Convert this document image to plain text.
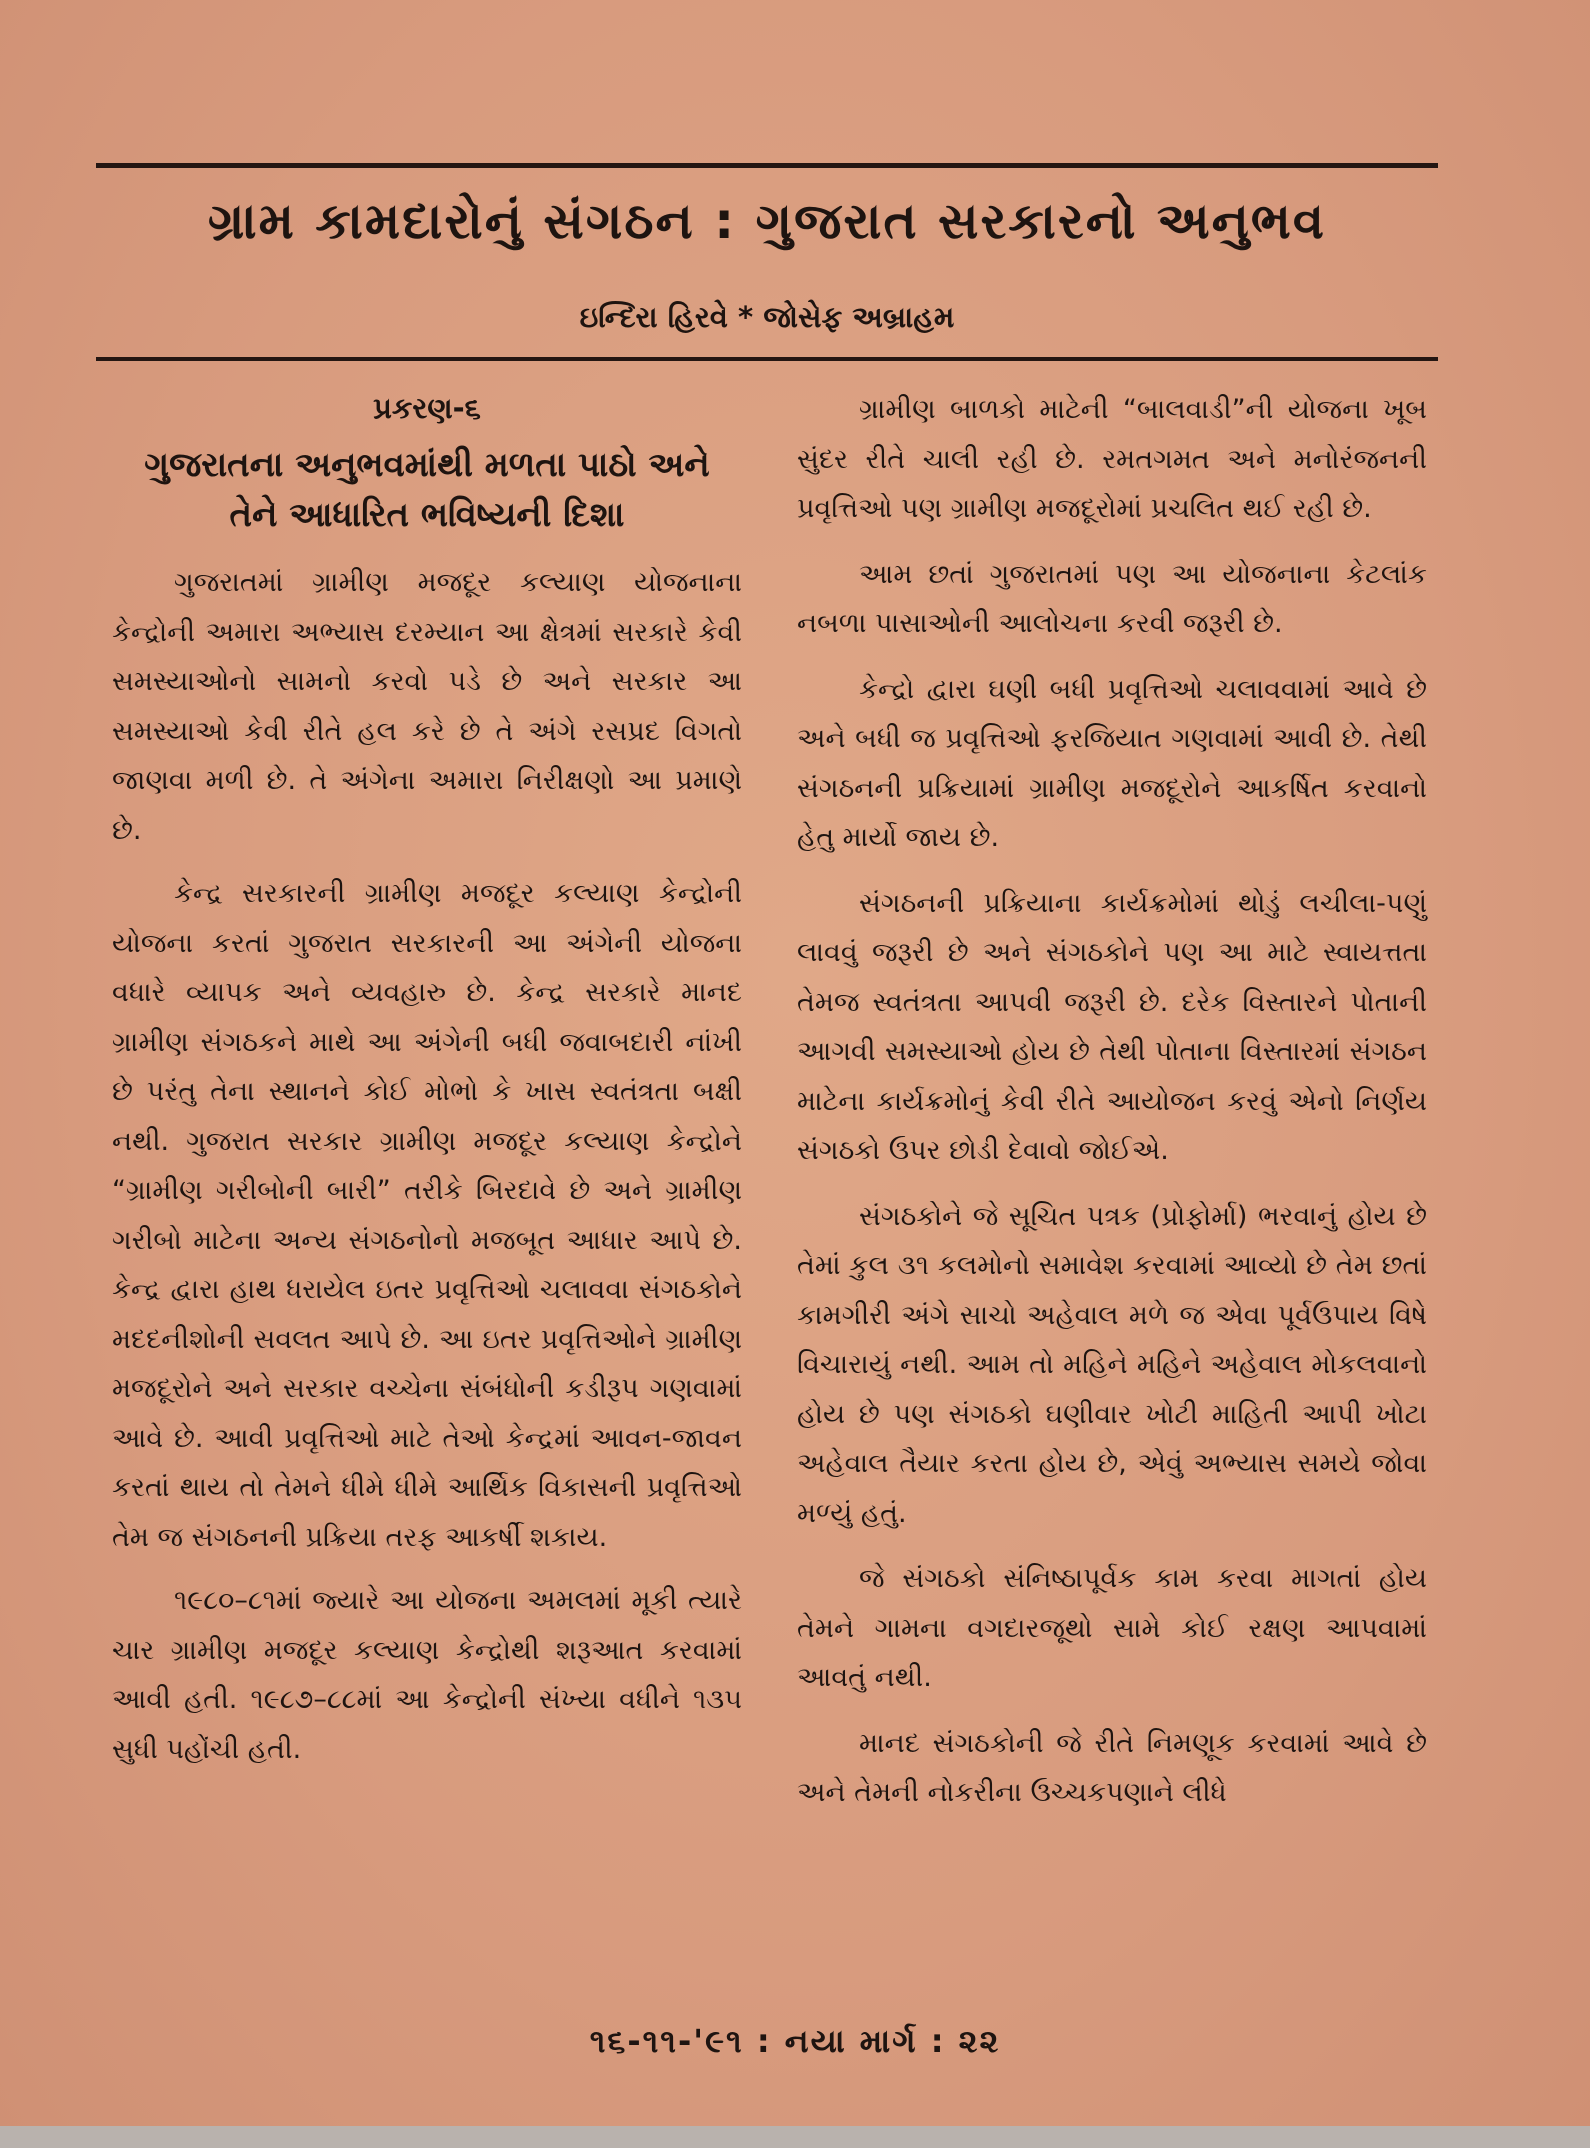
ગ્રામ કામદારોનું સંગઠન : ગુજરાત સરકારનો અનુભવ
ઇન્દિરા હિરવે * જોસેફ અબ્રાહમ
પ્રકરણ-૬
ગુજરાતના અનુભવમાંથી મળતા પાઠો અને
તેને આધારિત ભવિષ્યની દિશા

ગુજરાતમાં ગ્રામીણ મજદૂર કલ્યાણ યોજનાના કેન્દ્રોની અમારા અભ્યાસ દરમ્યાન આ ક્ષેત્રમાં સરકારે કેવી સમસ્યાઓનો સામનો કરવો પડે છે અને સરકાર આ સમસ્યાઓ કેવી રીતે હલ કરે છે તે અંગે રસપ્રદ વિગતો જાણવા મળી છે. તે અંગેના અમારા નિરીક્ષણો આ પ્રમાણે છે.

કેન્દ્ર સરકારની ગ્રામીણ મજદૂર કલ્યાણ કેન્દ્રોની યોજના કરતાં ગુજરાત સરકારની આ અંગેની યોજના વધારે વ્યાપક અને વ્યવહારુ છે. કેન્દ્ર સરકારે માનદ ગ્રામીણ સંગઠકને માથે આ અંગેની બધી જવાબદારી નાંખી છે પરંતુ તેના સ્થાનને કોઈ મોભો કે ખાસ સ્વતંત્રતા બક્ષી નથી. ગુજરાત સરકાર ગ્રામીણ મજદૂર કલ્યાણ કેન્દ્રોને “ગ્રામીણ ગરીબોની બારી” તરીકે બિરદાવે છે અને ગ્રામીણ ગરીબો માટેના અન્ય સંગઠનોનો મજબૂત આધાર આપે છે. કેન્દ્ર દ્વારા હાથ ધરાયેલ ઇતર પ્રવૃત્તિઓ ચલાવવા સંગઠકોને મદદનીશોની સવલત આપે છે. આ ઇતર પ્રવૃત્તિઓને ગ્રામીણ મજદૂરોને અને સરકાર વચ્ચેના સંબંધોની કડીરૂપ ગણવામાં આવે છે. આવી પ્રવૃત્તિઓ માટે તેઓ કેન્દ્રમાં આવન-જાવન કરતાં થાય તો તેમને ધીમે ધીમે આર્થિક વિકાસની પ્રવૃત્તિઓ તેમ જ સંગઠનની પ્રક્રિયા તરફ આકર્ષી શકાય.

૧૯૮૦–૮૧માં જ્યારે આ યોજના અમલમાં મૂકી ત્યારે ચાર ગ્રામીણ મજદૂર કલ્યાણ કેન્દ્રોથી શરૂઆત કરવામાં આવી હતી. ૧૯૮૭–૮૮માં આ કેન્દ્રોની સંખ્યા વધીને ૧૩૫ સુધી પહોંચી હતી.

ગ્રામીણ બાળકો માટેની “બાલવાડી”ની યોજના ખૂબ સુંદર રીતે ચાલી રહી છે. રમતગમત અને મનોરંજનની પ્રવૃત્તિઓ પણ ગ્રામીણ મજદૂરોમાં પ્રચલિત થઈ રહી છે.

આમ છતાં ગુજરાતમાં પણ આ યોજનાના કેટલાંક નબળા પાસાઓની આલોચના કરવી જરૂરી છે.

કેન્દ્રો દ્વારા ઘણી બધી પ્રવૃત્તિઓ ચલાવવામાં આવે છે અને બધી જ પ્રવૃત્તિઓ ફરજિયાત ગણવામાં આવી છે. તેથી સંગઠનની પ્રક્રિયામાં ગ્રામીણ મજદૂરોને આકર્ષિત કરવાનો હેતુ માર્યો જાય છે.

સંગઠનની પ્રક્રિયાના કાર્યક્રમોમાં થોડું લચીલા-પણું લાવવું જરૂરી છે અને સંગઠકોને પણ આ માટે સ્વાયત્તતા તેમજ સ્વતંત્રતા આપવી જરૂરી છે. દરેક વિસ્તારને પોતાની આગવી સમસ્યાઓ હોય છે તેથી પોતાના વિસ્તારમાં સંગઠન માટેના કાર્યક્રમોનું કેવી રીતે આયોજન કરવું એનો નિર્ણય સંગઠકો ઉપર છોડી દેવાવો જોઈએ.

સંગઠકોને જે સૂચિત પત્રક (પ્રોફોર્મા) ભરવાનું હોય છે તેમાં કુલ ૩૧ કલમોનો સમાવેશ કરવામાં આવ્યો છે તેમ છતાં કામગીરી અંગે સાચો અહેવાલ મળે જ એવા પૂર્વઉપાય વિષે વિચારાયું નથી. આમ તો મહિને મહિને અહેવાલ મોકલવાનો હોય છે પણ સંગઠકો ઘણીવાર ખોટી માહિતી આપી ખોટા અહેવાલ તૈયાર કરતા હોય છે, એવું અભ્યાસ સમયે જોવા મળ્યું હતું.

જે સંગઠકો સંનિષ્ઠાપૂર્વક કામ કરવા માગતાં હોય તેમને ગામના વગદારજૂથો સામે કોઈ રક્ષણ આપવામાં આવતું નથી.

માનદ સંગઠકોની જે રીતે નિમણૂક કરવામાં આવે છે અને તેમની નોકરીના ઉચ્ચકપણાને લીધે

૧૬-૧૧-'૯૧ : નયા માર્ગ : ૨૨
